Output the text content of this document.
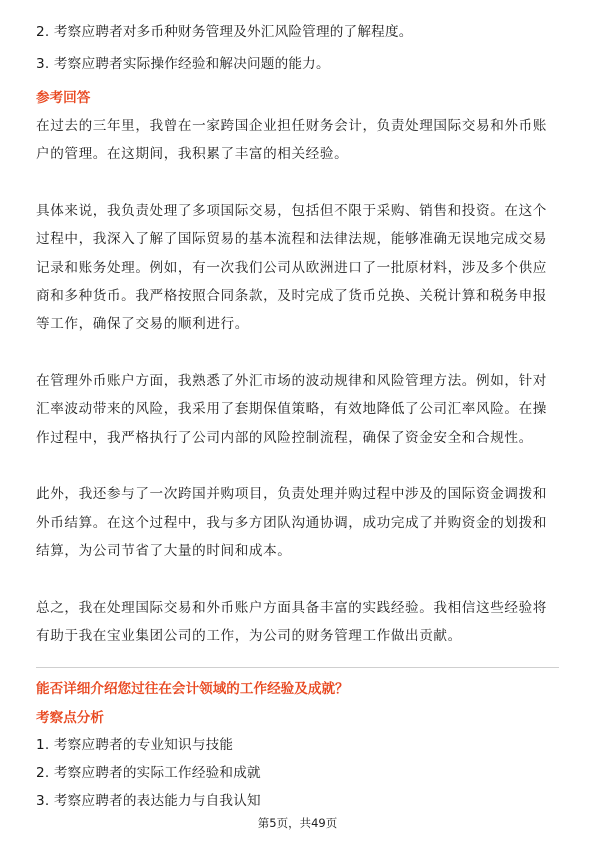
2. 考察应聘者对多币种财务管理及外汇风险管理的了解程度。
3. 考察应聘者实际操作经验和解决问题的能力。
参考回答
在过去的三年里，我曾在一家跨国企业担任财务会计，负责处理国际交易和外币账
户的管理。在这期间，我积累了丰富的相关经验。
具体来说，我负责处理了多项国际交易，包括但不限于采购、销售和投资。在这个
过程中，我深入了解了国际贸易的基本流程和法律法规，能够准确无误地完成交易
记录和账务处理。例如，有一次我们公司从欧洲进口了一批原材料，涉及多个供应
商和多种货币。我严格按照合同条款，及时完成了货币兑换、关税计算和税务申报
等工作，确保了交易的顺利进行。
在管理外币账户方面，我熟悉了外汇市场的波动规律和风险管理方法。例如，针对
汇率波动带来的风险，我采用了套期保值策略，有效地降低了公司汇率风险。在操
作过程中，我严格执行了公司内部的风险控制流程，确保了资金安全和合规性。
此外，我还参与了一次跨国并购项目，负责处理并购过程中涉及的国际资金调拨和
外币结算。在这个过程中，我与多方团队沟通协调，成功完成了并购资金的划拨和
结算，为公司节省了大量的时间和成本。
总之，我在处理国际交易和外币账户方面具备丰富的实践经验。我相信这些经验将
有助于我在宝业集团公司的工作，为公司的财务管理工作做出贡献。
能否详细介绍您过往在会计领域的工作经验及成就？
考察点分析
1. 考察应聘者的专业知识与技能
2. 考察应聘者的实际工作经验和成就
3. 考察应聘者的表达能力与自我认知
第5页，共49页
